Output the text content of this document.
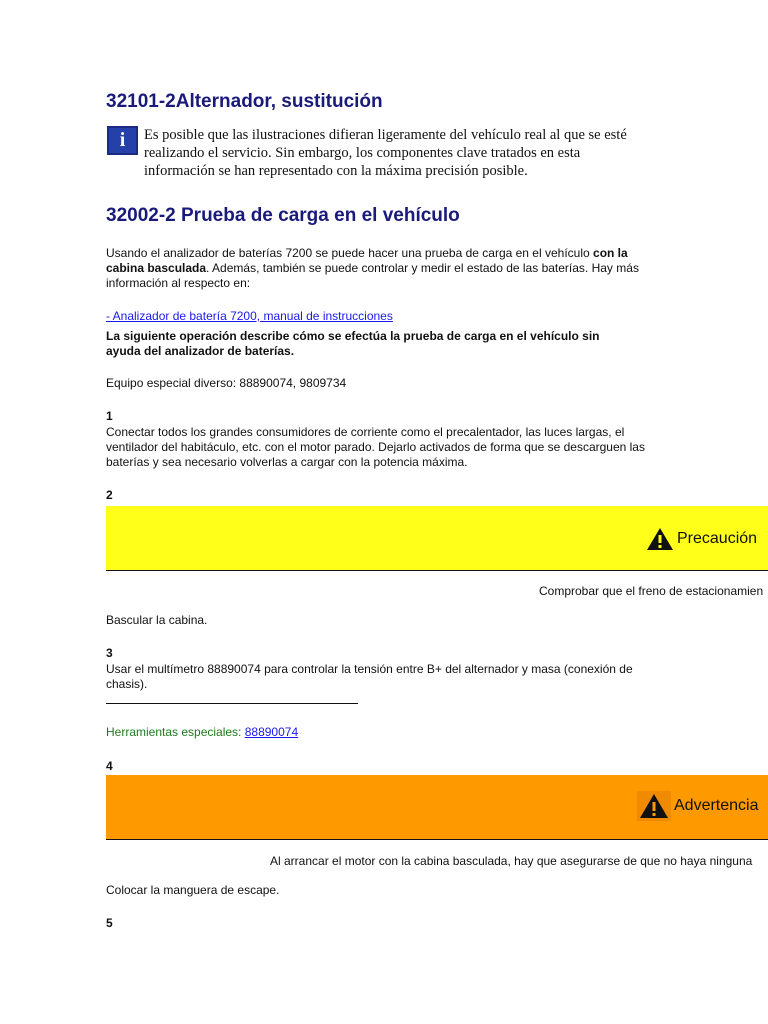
32101-2Alternador, sustitución
i Es posible que las ilustraciones difieran ligeramente del vehículo real al que se esté realizando el servicio. Sin embargo, los componentes clave tratados en esta información se han representado con la máxima precisión posible.
32002-2 Prueba de carga en el vehículo
Usando el analizador de baterías 7200 se puede hacer una prueba de carga en el vehículo con la cabina basculada. Además, también se puede controlar y medir el estado de las baterías. Hay más información al respecto en:
- Analizador de batería 7200, manual de instrucciones
La siguiente operación describe cómo se efectúa la prueba de carga en el vehículo sin ayuda del analizador de baterías.
Equipo especial diverso: 88890074, 9809734
1
Conectar todos los grandes consumidores de corriente como el precalentador, las luces largas, el ventilador del habitáculo, etc. con el motor parado. Dejarlo activados de forma que se descarguen las baterías y sea necesario volverlas a cargar con la potencia máxima.
2
Precaución
Comprobar que el freno de estacionamien
Bascular la cabina.
3
Usar el multímetro 88890074 para controlar la tensión entre B+ del alternador y masa (conexión de chasis).
Herramientas especiales: 88890074
4
Advertencia
Al arrancar el motor con la cabina basculada, hay que asegurarse de que no haya ninguna
Colocar la manguera de escape.
5
